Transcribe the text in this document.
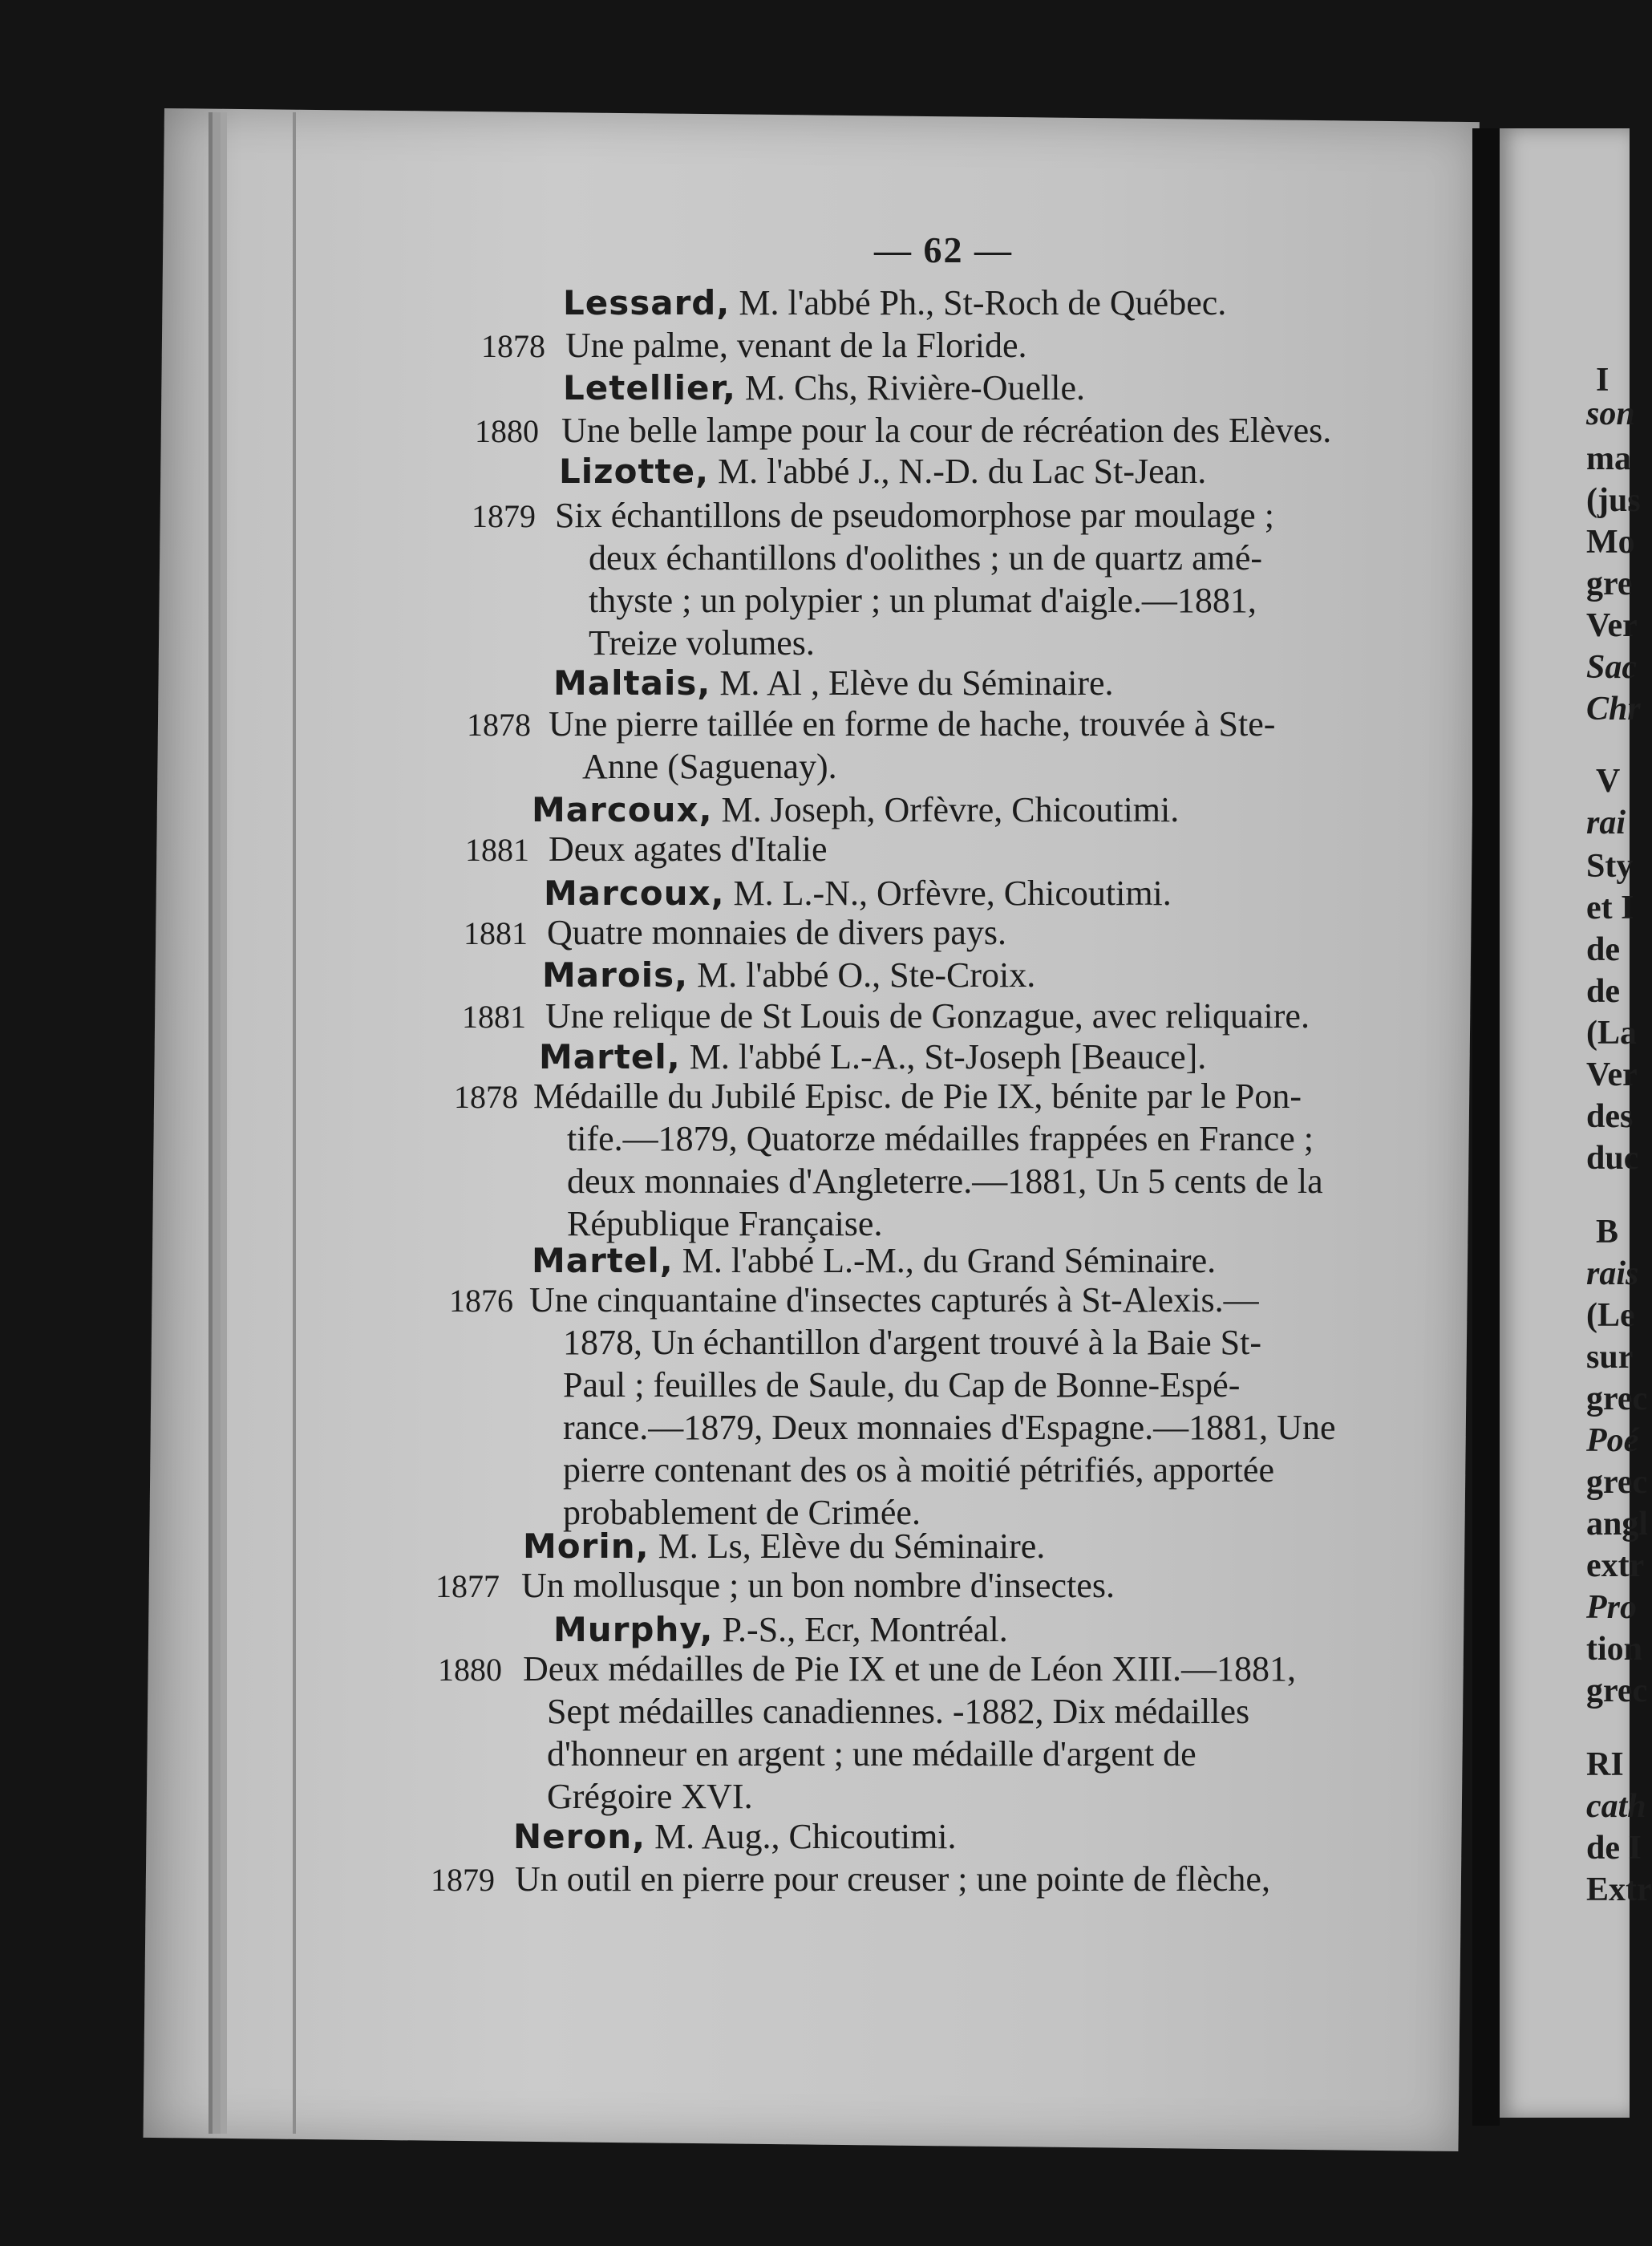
— 62 —
Lessard, M. l'abbé Ph., St-Roch de Québec.
1878 Une palme, venant de la Floride.
Letellier, M. Chs, Rivière-Ouelle.
1880 Une belle lampe pour la cour de récréation des Elèves.
Lizotte, M. l'abbé J., N.-D. du Lac St-Jean.
1879 Six échantillons de pseudomorphose par moulage ;
deux échantillons d'oolithes ; un de quartz amé-
thyste ; un polypier ; un plumat d'aigle.—1881,
Treize volumes.
Maltais, M. Al , Elève du Séminaire.
1878 Une pierre taillée en forme de hache, trouvée à Ste-
Anne (Saguenay).
Marcoux, M. Joseph, Orfèvre, Chicoutimi.
1881 Deux agates d'Italie
Marcoux, M. L.-N., Orfèvre, Chicoutimi.
1881 Quatre monnaies de divers pays.
Marois, M. l'abbé O., Ste-Croix.
1881 Une relique de St Louis de Gonzague, avec reliquaire.
Martel, M. l'abbé L.-A., St-Joseph [Beauce].
1878 Médaille du Jubilé Episc. de Pie IX, bénite par le Pon-
tife.—1879, Quatorze médailles frappées en France ;
deux monnaies d'Angleterre.—1881, Un 5 cents de la
République Française.
Martel, M. l'abbé L.-M., du Grand Séminaire.
1876 Une cinquantaine d'insectes capturés à St-Alexis.—
1878, Un échantillon d'argent trouvé à la Baie St-
Paul ; feuilles de Saule, du Cap de Bonne-Espé-
rance.—1879, Deux monnaies d'Espagne.—1881, Une
pierre contenant des os à moitié pétrifiés, apportée
probablement de Crimée.
Morin, M. Ls, Elève du Séminaire.
1877 Un mollusque ; un bon nombre d'insectes.
Murphy, P.-S., Ecr, Montréal.
1880 Deux médailles de Pie IX et une de Léon XIII.—1881,
Sept médailles canadiennes. -1882, Dix médailles
d'honneur en argent ; une médaille d'argent de
Grégoire XVI.
Neron, M. Aug., Chicoutimi.
1879 Un outil en pierre pour creuser ; une pointe de flèche,
I
son
ma
(jus
Mo
gre
Ver
Sac
Chr
V
rai
Sty
et I
de
de
(La
Ver
des
duc
B
rais
(Le
sur
grec
Poé
grec
angl
extr
Pro
tion
grec
RI
cath
de I
Extr
